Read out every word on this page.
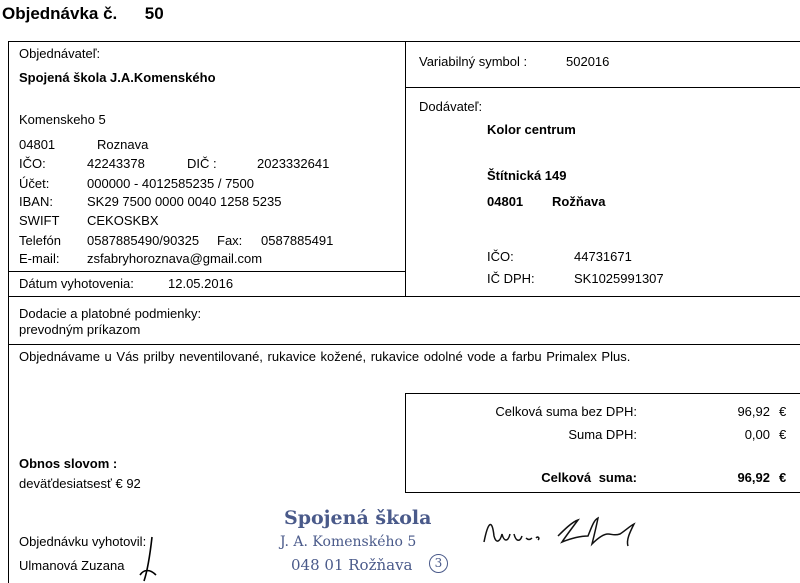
Objednávka č. 50
Objednávateľ:
Spojená škola J.A.Komenského
Komenskeho 5
04801	Roznava
IČO:	42243378	DIČ :	2023332641
Účet:	000000 - 4012585235 / 7500
IBAN:	SK29 7500 0000 0040 1258 5235
SWIFT CEKOSKBX
Telefón 0587885490/90325 Fax: 0587885491
E-mail: zsfabryhoroznava@gmail.com
Dátum vyhotovenia:	12.05.2016
Variabilný symbol :	502016
Dodávateľ:
Kolor centrum
Štítnická 149
04801 Rožňava
IČO:	44731671
IČ DPH:	SK1025991307
Dodacie a platobné podmienky:
prevodným príkazom
Objednávame u Vás prilby neventilované, rukavice kožené, rukavice odolné vode a farbu Primalex Plus.
Celková suma bez DPH:	96,92 €
Suma DPH:	0,00 €
Celková suma:	96,92 €
Obnos slovom :
deväťdesiatsesť € 92
Objednávku vyhotovil:
Ulmanová Zuzana
Spojená škola
J. A. Komenského 5
048 01 Rožňava	3
